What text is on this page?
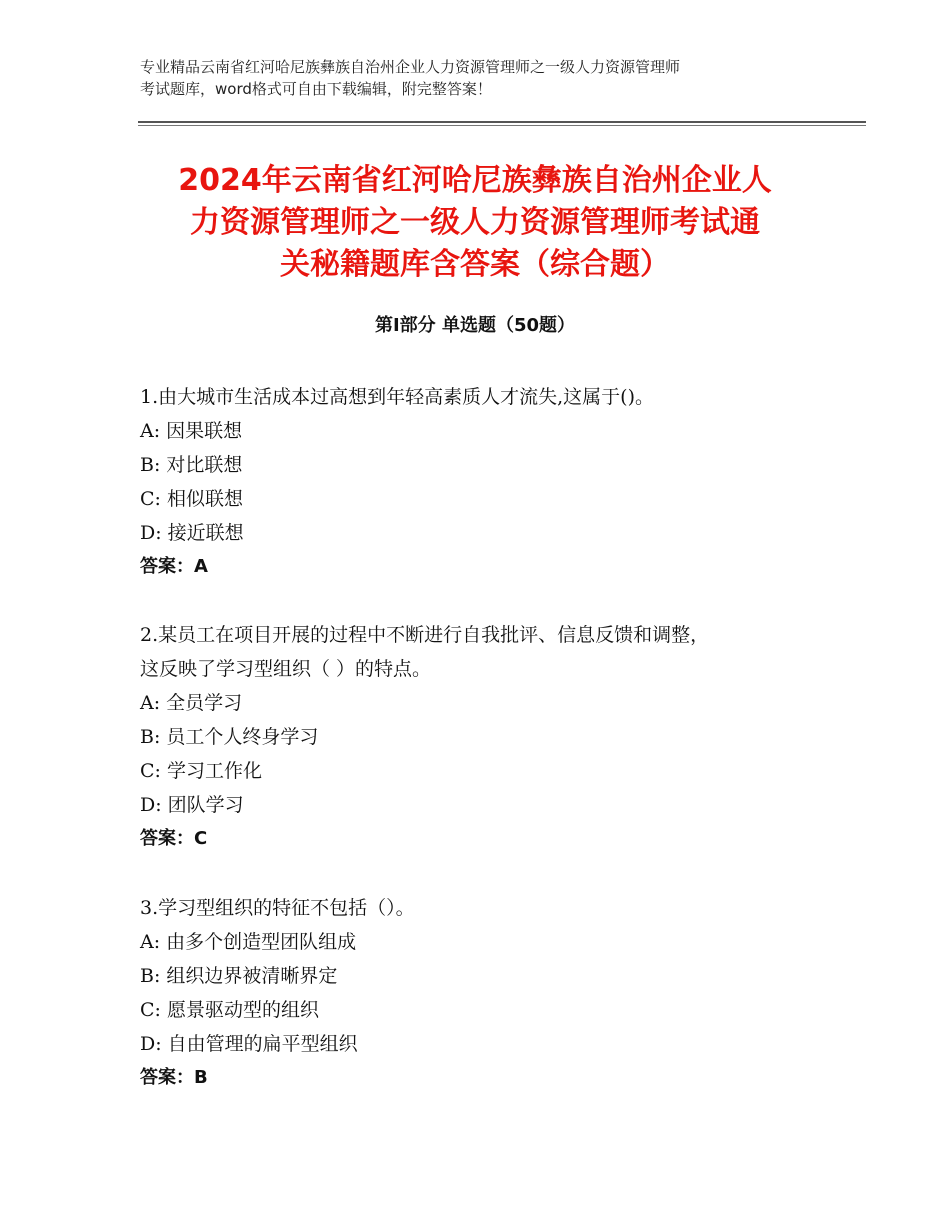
专业精品云南省红河哈尼族彝族自治州企业人力资源管理师之一级人力资源管理师
考试题库，word格式可自由下载编辑，附完整答案！
2024年云南省红河哈尼族彝族自治州企业人
力资源管理师之一级人力资源管理师考试通
关秘籍题库含答案（综合题）
第Ⅰ部分 单选题（50题）
1.由大城市生活成本过高想到年轻高素质人才流失,这属于()。
A: 因果联想
B: 对比联想
C: 相似联想
D: 接近联想
答案：A
2.某员工在项目开展的过程中不断进行自我批评、信息反馈和调整，
这反映了学习型组织（ ）的特点。
A: 全员学习
B: 员工个人终身学习
C: 学习工作化
D: 团队学习
答案：C
3.学习型组织的特征不包括（）。
A: 由多个创造型团队组成
B: 组织边界被清晰界定
C: 愿景驱动型的组织
D: 自由管理的扁平型组织
答案：B
